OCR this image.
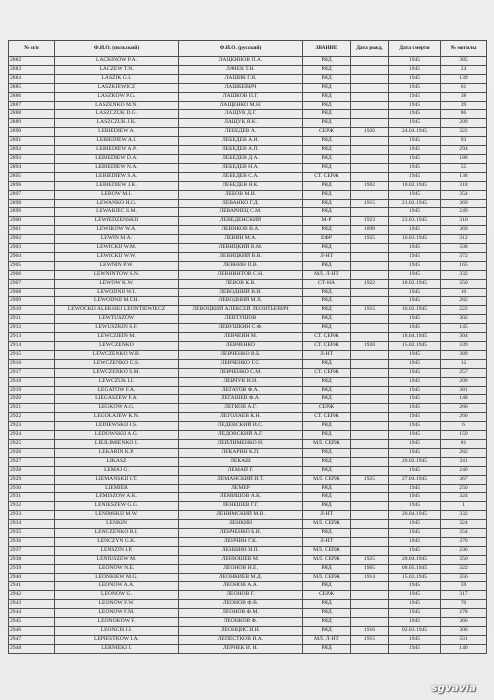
№ п/п	Ф.И.О. (польский)	Ф.И.О. (русский)	ЗВАНИЕ	Дата рожд.	Дата смерти	№ могилы
2882	LACKINOW P.A.	ЛАЦКИНОВ П.А.	РЯД		1945	385
2883	LACZEW T.N.	ЛАЧЕВ Т.Н.	РЯД		1945	24
2884	LASZIK G.I.	ЛАШИК Г.Я.	РЯД		1945	139
2885	LASZKIEWICZ	ЛАШКЕВИЧ	РЯД		1945	61
2886	LASZKOW P.G.	ЛАШКОВ П.Г.	РЯД		1945	38
2887	LASZENKO M.N.	ЛАЩЕНКО М.Н.	РЯД		1945	39
2888	LASZCZUK D.G.	ЛАЩУК Д.Г.	РЯД		1945	86
2889	LASZCZUK J.K.	ЛАЩУК Я.К.	РЯД		1945	209
2890	LEBIEDIEW A.	ЛЕБЕДЕВ А.	СЕРЖ	1926	24.04.1945	322
2891	LEBIEDIEW A.I.	ЛЕБЕДЕВ А.И.	РЯД		1945	93
2892	LEBIEDIEW A.P.	ЛЕБЕДЕВ А.П.	РЯД		1945	294
2893	LEBIEDIEW D.A.	ЛЕБЕДЕВ Д.А.	РЯД		1945	188
2894	LEBIEDIEW N.A.	ЛЕБЕДЕВ Н.А.	РЯД		1945	55
2895	LEBIEDIEW S.A.	ЛЕБЕДЕВ С.А.	СТ. СЕРЖ		1945	138
2896	LEBIEDIEW J.K.	ЛЕБЕДЕВ Я.К.	РЯД	1902	18.02.1945	318
2897	LEBOW M.I.	ЛЕБОВ М.И.	РЯД		1945	354
2898	LEWANKO H.G.	ЛЕВАНКО Г.Д.	РЯД	1915	21.02.1945	369
2899	LEWARJEC S.M.	ЛЕВАРИЕЦ С.М.	РЯД		1945	249
2900	LEWIEDZENSKIJ	ЛЕВЕДЕНСКИЙ	М-Р	1923	23.03.1945	310
2901	LEWIKOW W.A.	ЛЕВИКОВ В.А.	РЯД	1898	1945	369
2902	LEWIN M.A.	ЛЕВИН М.А.	ЕФР	1925	16.03.1945	312
2903	LEWICKIJ W.M.	ЛЕВИЦКИЙ В.М.	РЯД		1945	338
2904	LEWICKIJ W.W.	ЛЕВИЦКИЙ В.В.	Л-НТ		1945	372
2905	LEWNIN P.W.	ЛЕВНИН П.В.	РЯД		1945	165
2906	LEWNINTOW S.N.	ЛЕВНИНТОВ С.Н.	МЛ. Л-НТ		1945	332
2907	LEWOW K.W.	ЛЕВОВ К.В.	СТ-НА	1922	18.02.1945	350
2908	LEWODNII W.I.	ЛЕВОДНИЙ В.И.	РЯД		1945	10
2909	LEWODNII M.CH.	ЛЕВОДНИЙ М.Х.	РЯД		1945	282
2910	LEWOCKIJ ALEKSIEJ LEONTIEWIECZ	ЛЕВОЦКИЙ АЛЕКСЕЙ ЛЕОНТЬЕВИЧ	РЯД	1915	16.02.1945	222
2911	LEWTUSZOW	ЛЕВТУШОВ	РЯД		1945	302
2912	LEWUSZKIN S.F.	ЛЕВУШКИН С.Ф.	РЯД		1945	145
2913	LEWCZIEIN M.	ЛЕВЧЕИН М.	СТ. СЕРЖ		18.04.1945	304
2914	LEWCZENKO	ЛЕВЧЕНКО	СТ. СЕРЖ	1920	15.02.1945	339
2915	LEWCZENKO W.B.	ЛЕВЧЕНКО В.Б.	Л-НТ		1945	389
2916	LEWCZENKO G.S.	ЛЕВЧЕНКО Г.С.	РЯД		1945	12
2917	LEWCZENKO S.M.	ЛЕВЧЕНКО С.М.	СТ. СЕРЖ		1945	257
2918	LEWCZUK I.I.	ЛЕВЧУК И.И.	РЯД		1945	209
2919	LEGATOW F.A.	ЛЕГАТОВ Ф.А.	РЯД		1945	381
2920	LIEGASZEW F.A.	ЛЕГАШЕВ Ф.А.	РЯД		1945	148
2921	LEGKOW A.G.	ЛЕГКОВ А.Г.	СЕРЖ		1945	266
2922	LEGOŁAJEW K.N.	ЛЕГОЛАЕВ К.Н.	СТ. СЕРЖ		1945	260
2923	LEDIEWSKIJ I.S.	ЛЕДЕВСКИЙ И.С.	РЯД		1945	6
2924	LEDOWSKIJ A.G.	ЛЕДОВСКИЙ А.Г.	РЯД		1945	159
2925	LIEJLIMIENKO I.	ЛЕЙЛИМЕНКО И.	МЛ. СЕРЖ		1945	81
2926	LEKARIN K.P.	ЛЕКАРИН К.П.	РЯД		1945	282
2927	LIKASZ	ЛЕКАШ	РЯД		20.02.1945	341
2928	LEMAJ G.	ЛЕМАЙ Г.	РЯД		1945	240
2929	LIEMANSKIJ I.T.	ЛЕМАНСКИЙ И.Т.	МЛ. СЕРЖ	1925	27.04.1945	367
2930	LIEMIER	ЛЕМЕР	РЯД		1945	250
2931	LEMISZOW A.K.	ЛЕМИШОВ А.К.	РЯД		1945	324
2932	LENIESZEW G.G.	ЛЕНЕШЕВ Г.Г.	РЯД		1945	1
2933	LENIMSKIJ M.W.	ЛЕНИМСКИЙ М.В.	Л-НТ		20.04.1945	332
2934	LENKIN	ЛЕНКИН	МЛ. СЕРЖ		1945	324
2935	LENCZENKO B.I.	ЛЕНЧЕНКО Б.И.	РЯД		1945	354
2936	LENCZYN G.K.	ЛЕНЧИН Г.К.	Л-НТ		1945	370
2937	LENSZIN I.P.	ЛЕНШИН И.П.	МЛ. СЕРЖ		1945	236
2938	LENIUSZEW M.	ЛЕНЮШЕВ М.	МЛ. СЕРЖ	1925	20.04.1945	350
2939	LEONOW N.E.	ЛЕОНОВ Н.Е.	РЯД	1905	08.05.1945	322
2940	LEONKIEW M.G.	ЛЕОНКИЕВ М.Д.	МЛ. СЕРЖ	1914	15.03.1945	356
2941	LEONOW A.A.	ЛЕОНОВ А.А.	РЯД		1945	59
2942	LEONOW G.	ЛЕОНОВ Г.	СЕРЖ		1945	317
2943	LEONOW F.W.	ЛЕОНОВ Ф.В.	РЯД		1945	70
2944	LEONOW F.M.	ЛЕОНОВ Ф.М.	РЯД		1945	278
2945	LEONOKOW F.	ЛЕОНКОВ Ф.	РЯД		1945	366
2946	LEONCIS I.I.	ЛЕОНЦИС И.И.	РЯД	1916	02.03.1945	306
2947	LEPIESTKOW I.A.	ЛЕПЕСТКОВ И.А.	МЛ. Л-НТ	1915	1945	331
2948	LERNIEKI I.	ЛЕРНЕК И. И.	РЯД		1945	140
sgvavia
